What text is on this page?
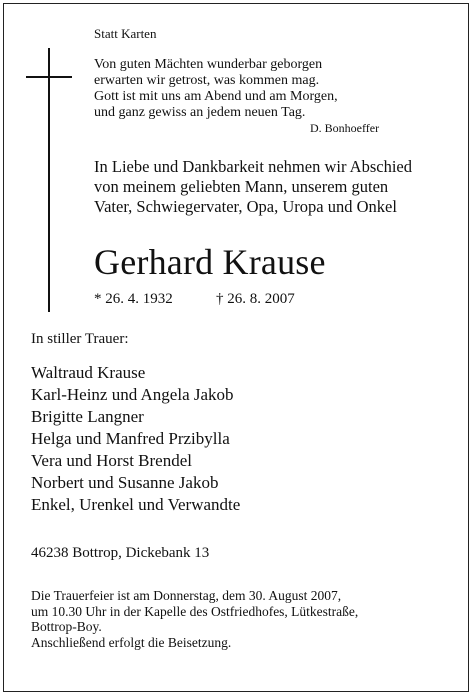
Statt Karten
Von guten Mächten wunderbar geborgen
erwarten wir getrost, was kommen mag.
Gott ist mit uns am Abend und am Morgen,
und ganz gewiss an jedem neuen Tag.
D. Bonhoeffer
In Liebe und Dankbarkeit nehmen wir Abschied
von meinem geliebten Mann, unserem guten
Vater, Schwiegervater, Opa, Uropa und Onkel
Gerhard Krause
* 26. 4. 1932	† 26. 8. 2007
In stiller Trauer:
Waltraud Krause
Karl-Heinz und Angela Jakob
Brigitte Langner
Helga und Manfred Przibylla
Vera und Horst Brendel
Norbert und Susanne Jakob
Enkel, Urenkel und Verwandte
46238 Bottrop, Dickebank 13
Die Trauerfeier ist am Donnerstag, dem 30. August 2007,
um 10.30 Uhr in der Kapelle des Ostfriedhofes, Lütkestraße,
Bottrop-Boy.
Anschließend erfolgt die Beisetzung.
